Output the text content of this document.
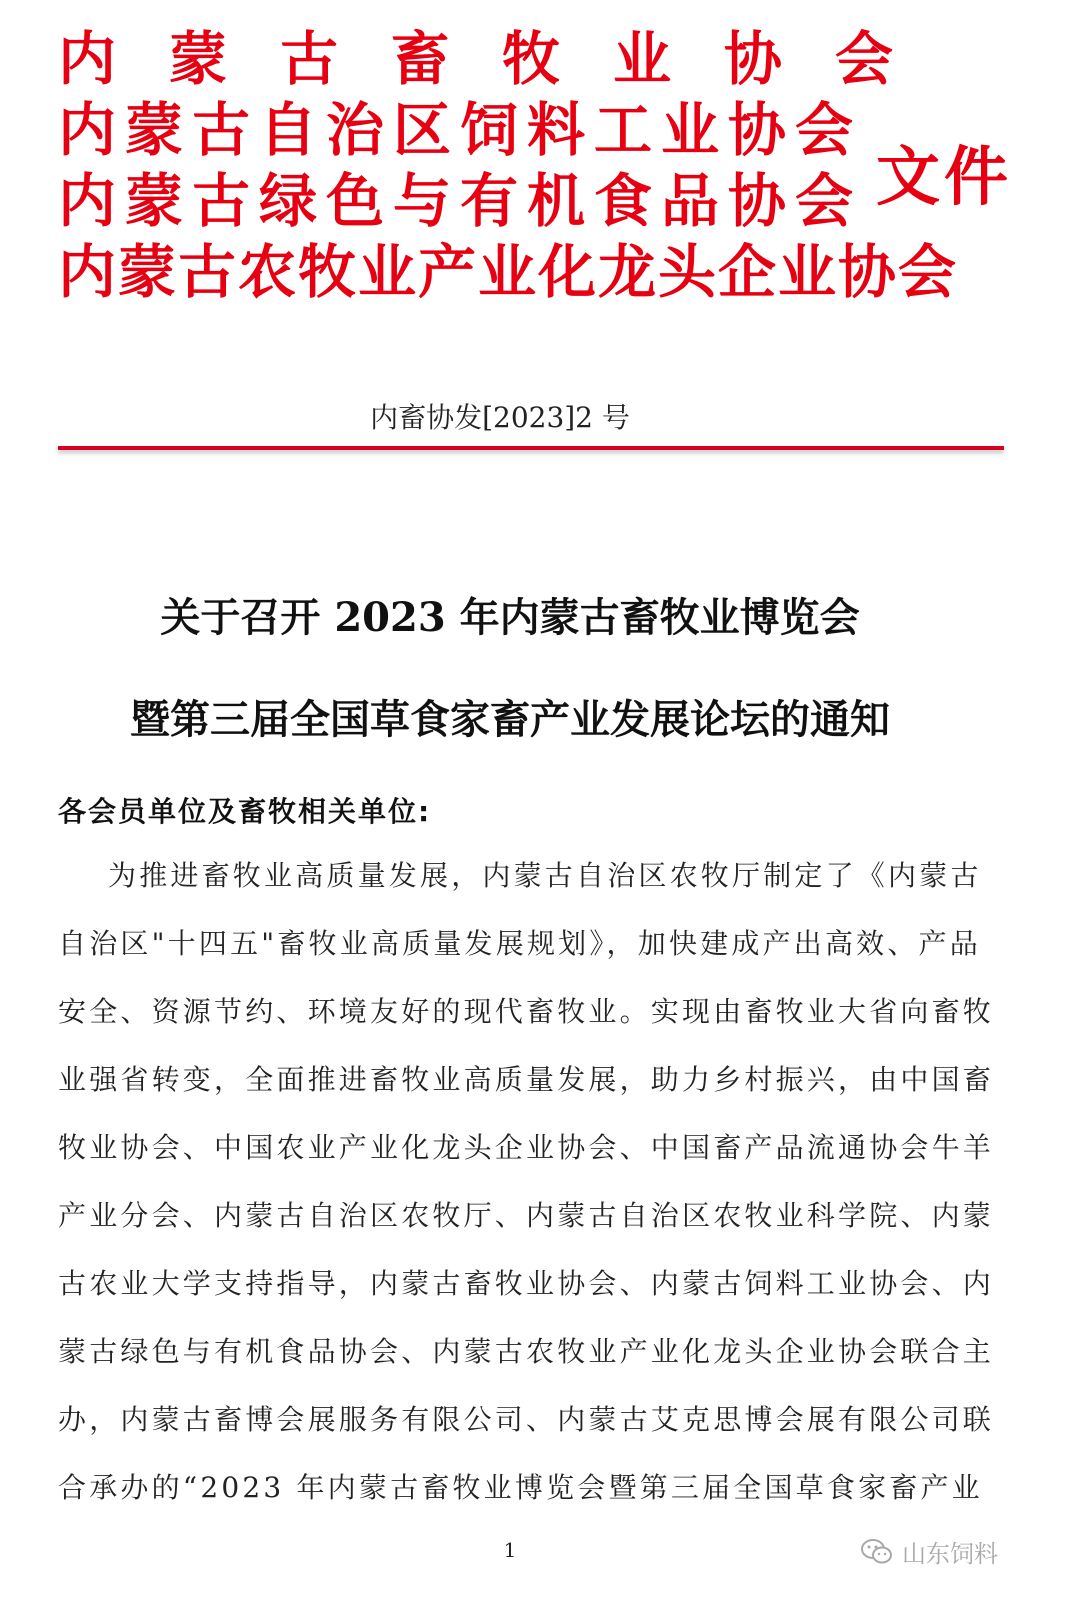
内蒙古畜牧业协会
内蒙古自治区饲料工业协会
内蒙古绿色与有机食品协会
内蒙古农牧业产业化龙头企业协会
文件
内畜协发[2023]2 号
关于召开 2023 年内蒙古畜牧业博览会
暨第三届全国草食家畜产业发展论坛的通知
各会员单位及畜牧相关单位:
为推进畜牧业高质量发展，内蒙古自治区农牧厅制定了《内蒙古
自治区"十四五"畜牧业高质量发展规划》，加快建成产出高效、产品
安全、资源节约、环境友好的现代畜牧业。实现由畜牧业大省向畜牧
业强省转变，全面推进畜牧业高质量发展，助力乡村振兴，由中国畜
牧业协会、中国农业产业化龙头企业协会、中国畜产品流通协会牛羊
产业分会、内蒙古自治区农牧厅、内蒙古自治区农牧业科学院、内蒙
古农业大学支持指导，内蒙古畜牧业协会、内蒙古饲料工业协会、内
蒙古绿色与有机食品协会、内蒙古农牧业产业化龙头企业协会联合主
办，内蒙古畜博会展服务有限公司、内蒙古艾克思博会展有限公司联
合承办的“2023 年内蒙古畜牧业博览会暨第三届全国草食家畜产业
1	山东饲料
